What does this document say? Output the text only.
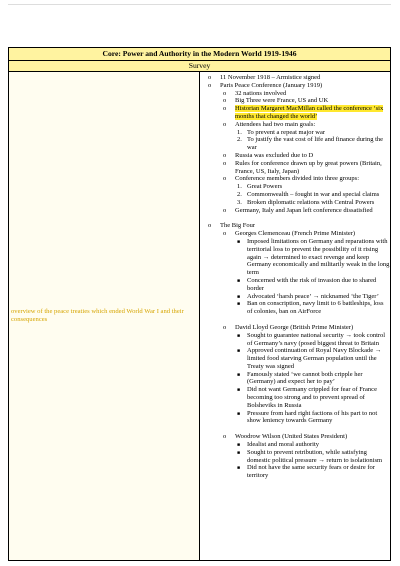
Core: Power and Authority in the Modern World 1919-1946
Survey

overview of the peace treaties which ended World War I and their consequences

o 11 November 1918 – Armistice signed
o Paris Peace Conference (January 1919)
o 32 nations involved
o Big Three were France, US and UK
o Historian Margaret MacMillan called the conference ‘six months that changed the world’
o Attendees had two main goals:
1. To prevent a repeat major war
2. To justify the vast cost of life and finance during the war
o Russia was excluded due to D
o Rules for conference drawn up by great powers (Britain, France, US, Italy, Japan)
o Conference members divided into three groups:
1. Great Powers
2. Commonwealth – fought in war and special claims
3. Broken diplomatic relations with Central Powers
o Germany, Italy and Japan left conference dissatisfied
o The Big Four
o Georges Clemenceau (French Prime Minister)
■ Imposed limitations on Germany and reparations with territorial loss to prevent the possibility of it rising again → determined to exact revenge and keep Germany economically and militarily weak in the long term
■ Concerned with the risk of invasion due to shared border
■ Advocated ‘harsh peace’ → nicknamed ‘the Tiger’
■ Ban on conscription, navy limit to 6 battleships, loss of colonies, ban on AirForce
o David Lloyd George (British Prime Minister)
■ Sought to guarantee national security → took control of Germany’s navy (posed biggest threat to Britain
■ Approved continuation of Royal Navy Blockade → limited food starving German population until the Treaty was signed
■ Famously stated ‘we cannot both cripple her (Germany) and expect her to pay’
■ Did not want Germany crippled for fear of France becoming too strong and to prevent spread of Bolsheviks in Russia
■ Pressure from hard right factions of his part to not show leniency towards Germany
o Woodrow Wilson (United States President)
■ Idealist and moral authority
■ Sought to prevent retribution, while satisfying domestic political pressure → return to isolationism
■ Did not have the same security fears or desire for territory
